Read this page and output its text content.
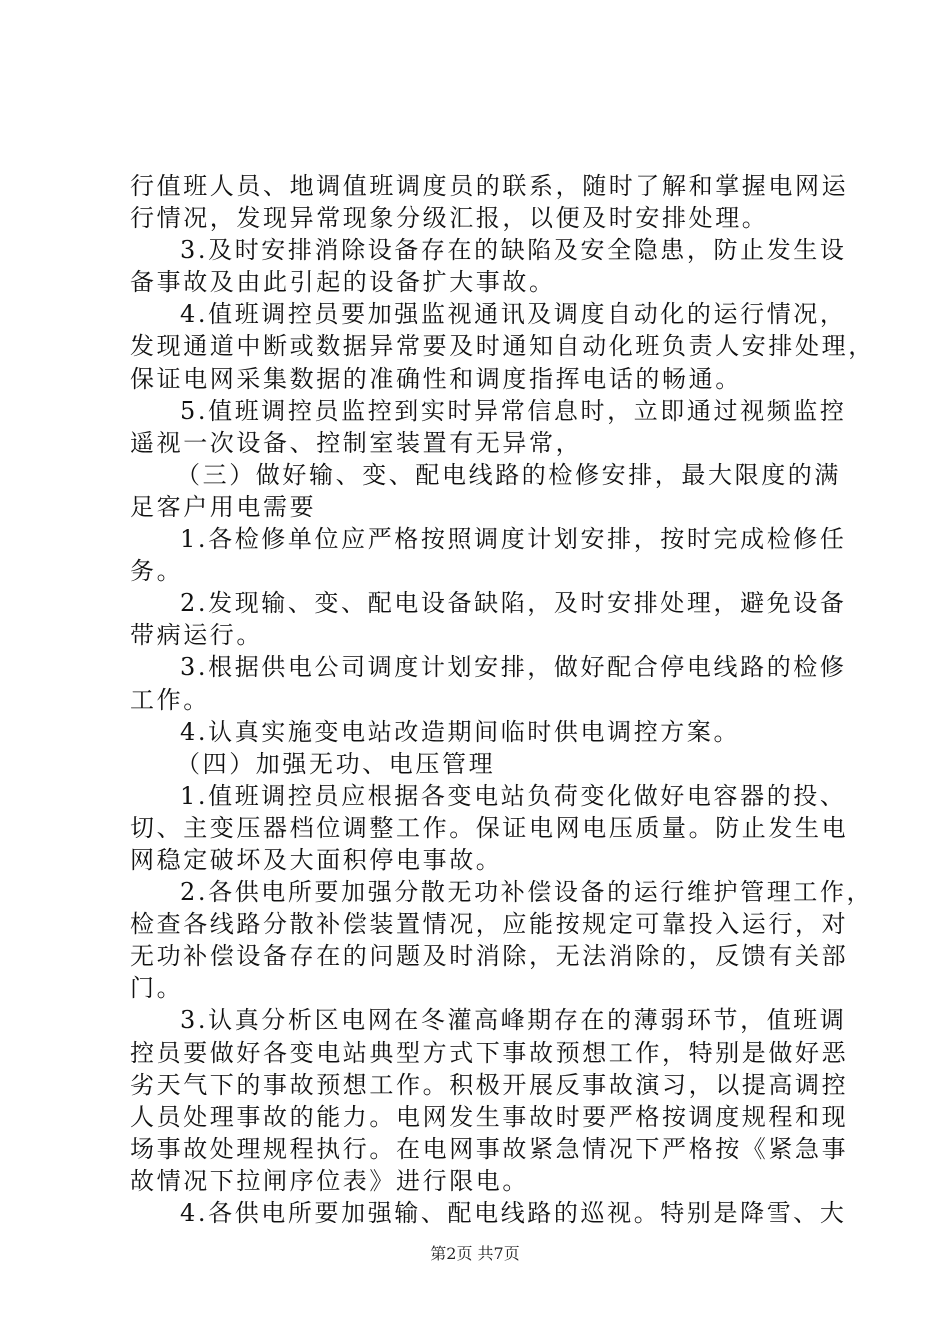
行值班人员、地调值班调度员的联系，随时了解和掌握电网运
行情况，发现异常现象分级汇报，以便及时安排处理。
3.及时安排消除设备存在的缺陷及安全隐患，防止发生设
备事故及由此引起的设备扩大事故。
4.值班调控员要加强监视通讯及调度自动化的运行情况，
发现通道中断或数据异常要及时通知自动化班负责人安排处理，
保证电网采集数据的准确性和调度指挥电话的畅通。
5.值班调控员监控到实时异常信息时，立即通过视频监控
遥视一次设备、控制室装置有无异常，
（三）做好输、变、配电线路的检修安排，最大限度的满
足客户用电需要
1.各检修单位应严格按照调度计划安排，按时完成检修任
务。
2.发现输、变、配电设备缺陷，及时安排处理，避免设备
带病运行。
3.根据供电公司调度计划安排，做好配合停电线路的检修
工作。
4.认真实施变电站改造期间临时供电调控方案。
（四）加强无功、电压管理
1.值班调控员应根据各变电站负荷变化做好电容器的投、
切、主变压器档位调整工作。保证电网电压质量。防止发生电
网稳定破坏及大面积停电事故。
2.各供电所要加强分散无功补偿设备的运行维护管理工作，
检查各线路分散补偿装置情况，应能按规定可靠投入运行，对
无功补偿设备存在的问题及时消除，无法消除的，反馈有关部
门。
3.认真分析区电网在冬灌高峰期存在的薄弱环节，值班调
控员要做好各变电站典型方式下事故预想工作，特别是做好恶
劣天气下的事故预想工作。积极开展反事故演习，以提高调控
人员处理事故的能力。电网发生事故时要严格按调度规程和现
场事故处理规程执行。在电网事故紧急情况下严格按《紧急事
故情况下拉闸序位表》进行限电。
4.各供电所要加强输、配电线路的巡视。特别是降雪、大
第2页 共7页
